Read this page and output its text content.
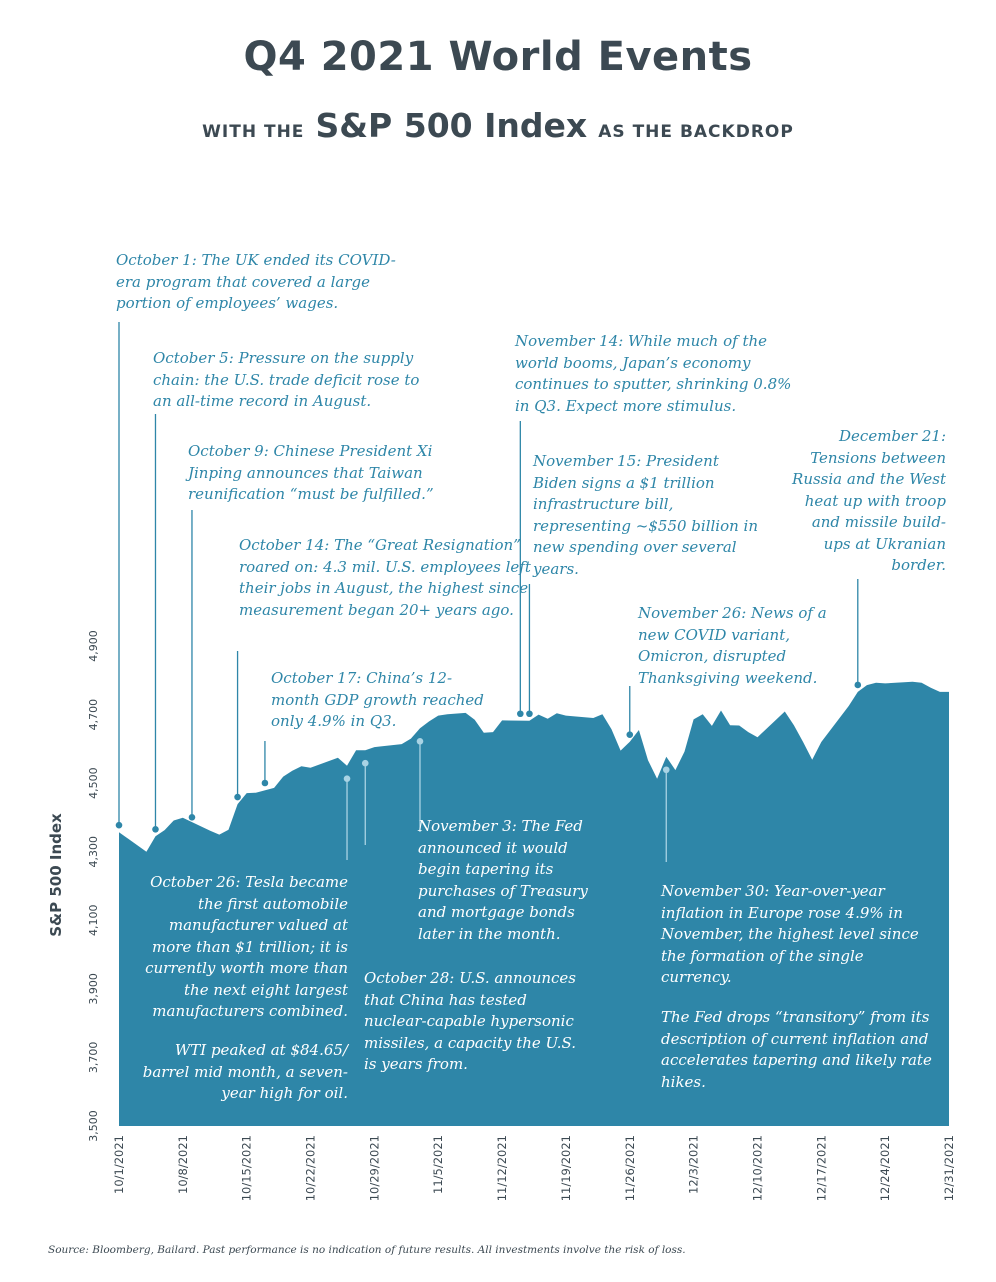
Q4 2021 World Events
WITH THE S&P 500 Index AS THE BACKDROP
3,500
3,700
3,900
4,100
4,300
4,500
4,700
4,900
10/1/2021	10/8/2021	10/15/2021	10/22/2021	10/29/2021	11/5/2021	11/12/2021	11/19/2021	11/26/2021	12/3/2021	12/10/2021	12/17/2021	12/24/2021	12/31/2021
S&P 500 Index

October 1: The UK ended its COVID-era program that covered a large portion of employees’ wages.

October 5: Pressure on the supply chain: the U.S. trade deficit rose to an all-time record in August.

October 9: Chinese President Xi Jinping announces that Taiwan reunification “must be fulfilled.”

October 14: The “Great Resignation” roared on: 4.3 mil. U.S. employees left their jobs in August, the highest since measurement began 20+ years ago.

October 17: China’s 12-month GDP growth reached only 4.9% in Q3.

October 26: Tesla became the first automobile manufacturer valued at more than $1 trillion; it is currently worth more than the next eight largest manufacturers combined.

WTI peaked at $84.65/ barrel mid month, a seven-year high for oil.

October 28: U.S. announces that China has tested nuclear-capable hypersonic missiles, a capacity the U.S. is years from.

November 3: The Fed announced it would begin tapering its purchases of Treasury and mortgage bonds later in the month.

November 14: While much of the world booms, Japan’s economy continues to sputter, shrinking 0.8% in Q3. Expect more stimulus.

November 15: President Biden signs a $1 trillion infrastructure bill, representing ~$550 billion in new spending over several years.

November 26: News of a new COVID variant, Omicron, disrupted Thanksgiving weekend.

November 30: Year-over-year inflation in Europe rose 4.9% in November, the highest level since the formation of the single currency.

The Fed drops “transitory” from its description of current inflation and accelerates tapering and likely rate hikes.

December 21: Tensions between Russia and the West heat up with troop and missile build-ups at Ukranian border.

Source: Bloomberg, Bailard. Past performance is no indication of future results. All investments involve the risk of loss.
